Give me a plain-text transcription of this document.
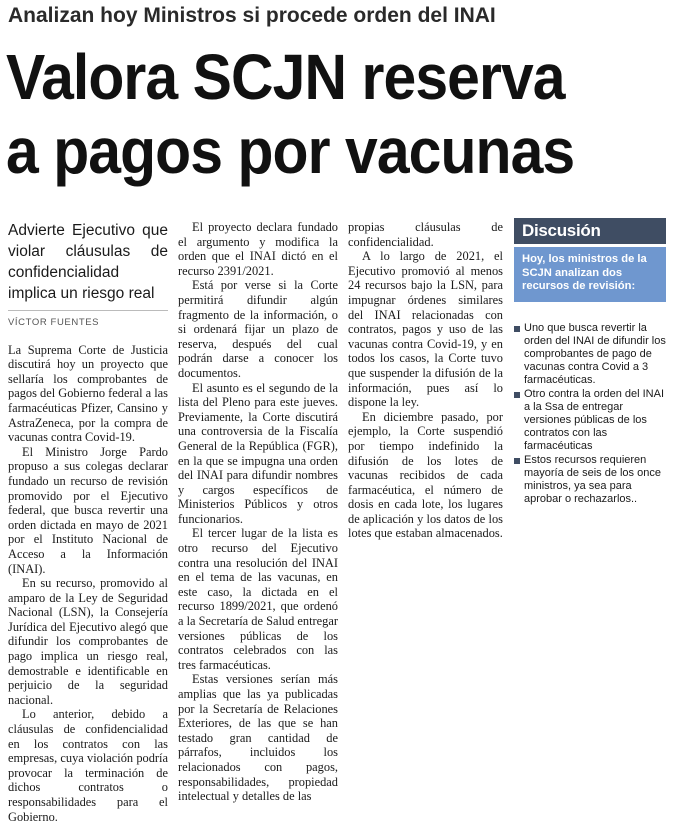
Analizan hoy Ministros si procede orden del INAI
Valora SCJN reserva
a pagos por vacunas
Advierte Ejecutivo que violar cláusulas de confidencialidad implica un riesgo real
VÍCTOR FUENTES

La Suprema Corte de Justicia discutirá hoy un proyecto que sellaría los comprobantes de pagos del Gobierno federal a las farmacéuticas Pfizer, Cansino y AstraZeneca, por la compra de vacunas contra Covid-19.

El Ministro Jorge Pardo propuso a sus colegas declarar fundado un recurso de revisión promovido por el Ejecutivo federal, que busca revertir una orden dictada en mayo de 2021 por el Instituto Nacional de Acceso a la Información (INAI).

En su recurso, promovido al amparo de la Ley de Seguridad Nacional (LSN), la Consejería Jurídica del Ejecutivo alegó que difundir los comprobantes de pago implica un riesgo real, demostrable e identificable en perjuicio de la seguridad nacional.

Lo anterior, debido a cláusulas de confidencialidad en los contratos con las empresas, cuya violación podría provocar la terminación de dichos contratos o responsabilidades para el Gobierno.

El proyecto declara fundado el argumento y modifica la orden que el INAI dictó en el recurso 2391/2021.

Está por verse si la Corte permitirá difundir algún fragmento de la información, o si ordenará fijar un plazo de reserva, después del cual podrán darse a conocer los documentos.

El asunto es el segundo de la lista del Pleno para este jueves. Previamente, la Corte discutirá una controversia de la Fiscalía General de la República (FGR), en la que se impugna una orden del INAI para difundir nombres y cargos específicos de Ministerios Públicos y otros funcionarios.

El tercer lugar de la lista es otro recurso del Ejecutivo contra una resolución del INAI en el tema de las vacunas, en este caso, la dictada en el recurso 1899/2021, que ordenó a la Secretaría de Salud entregar versiones públicas de los contratos celebrados con las tres farmacéuticas.

Estas versiones serían más amplias que las ya publicadas por la Secretaría de Relaciones Exteriores, de las que se han testado gran cantidad de párrafos, incluidos los relacionados con pagos, responsabilidades, propiedad intelectual y detalles de las

propias cláusulas de confidencialidad.

A lo largo de 2021, el Ejecutivo promovió al menos 24 recursos bajo la LSN, para impugnar órdenes similares del INAI relacionadas con contratos, pagos y uso de las vacunas contra Covid-19, y en todos los casos, la Corte tuvo que suspender la difusión de la información, pues así lo dispone la ley.

En diciembre pasado, por ejemplo, la Corte suspendió por tiempo indefinido la difusión de los lotes de vacunas recibidos de cada farmacéutica, el número de dosis en cada lote, los lugares de aplicación y los datos de los lotes que estaban almacenados.

Discusión
Hoy, los ministros de la SCJN analizan dos recursos de revisión:
Uno que busca revertir la orden del INAI de difundir los comprobantes de pago de vacunas contra Covid a 3 farmacéuticas.
Otro contra la orden del INAI a la Ssa de entregar versiones públicas de los contratos con las farmacéuticas
Estos recursos requieren mayoría de seis de los once ministros, ya sea para aprobar o rechazarlos..
